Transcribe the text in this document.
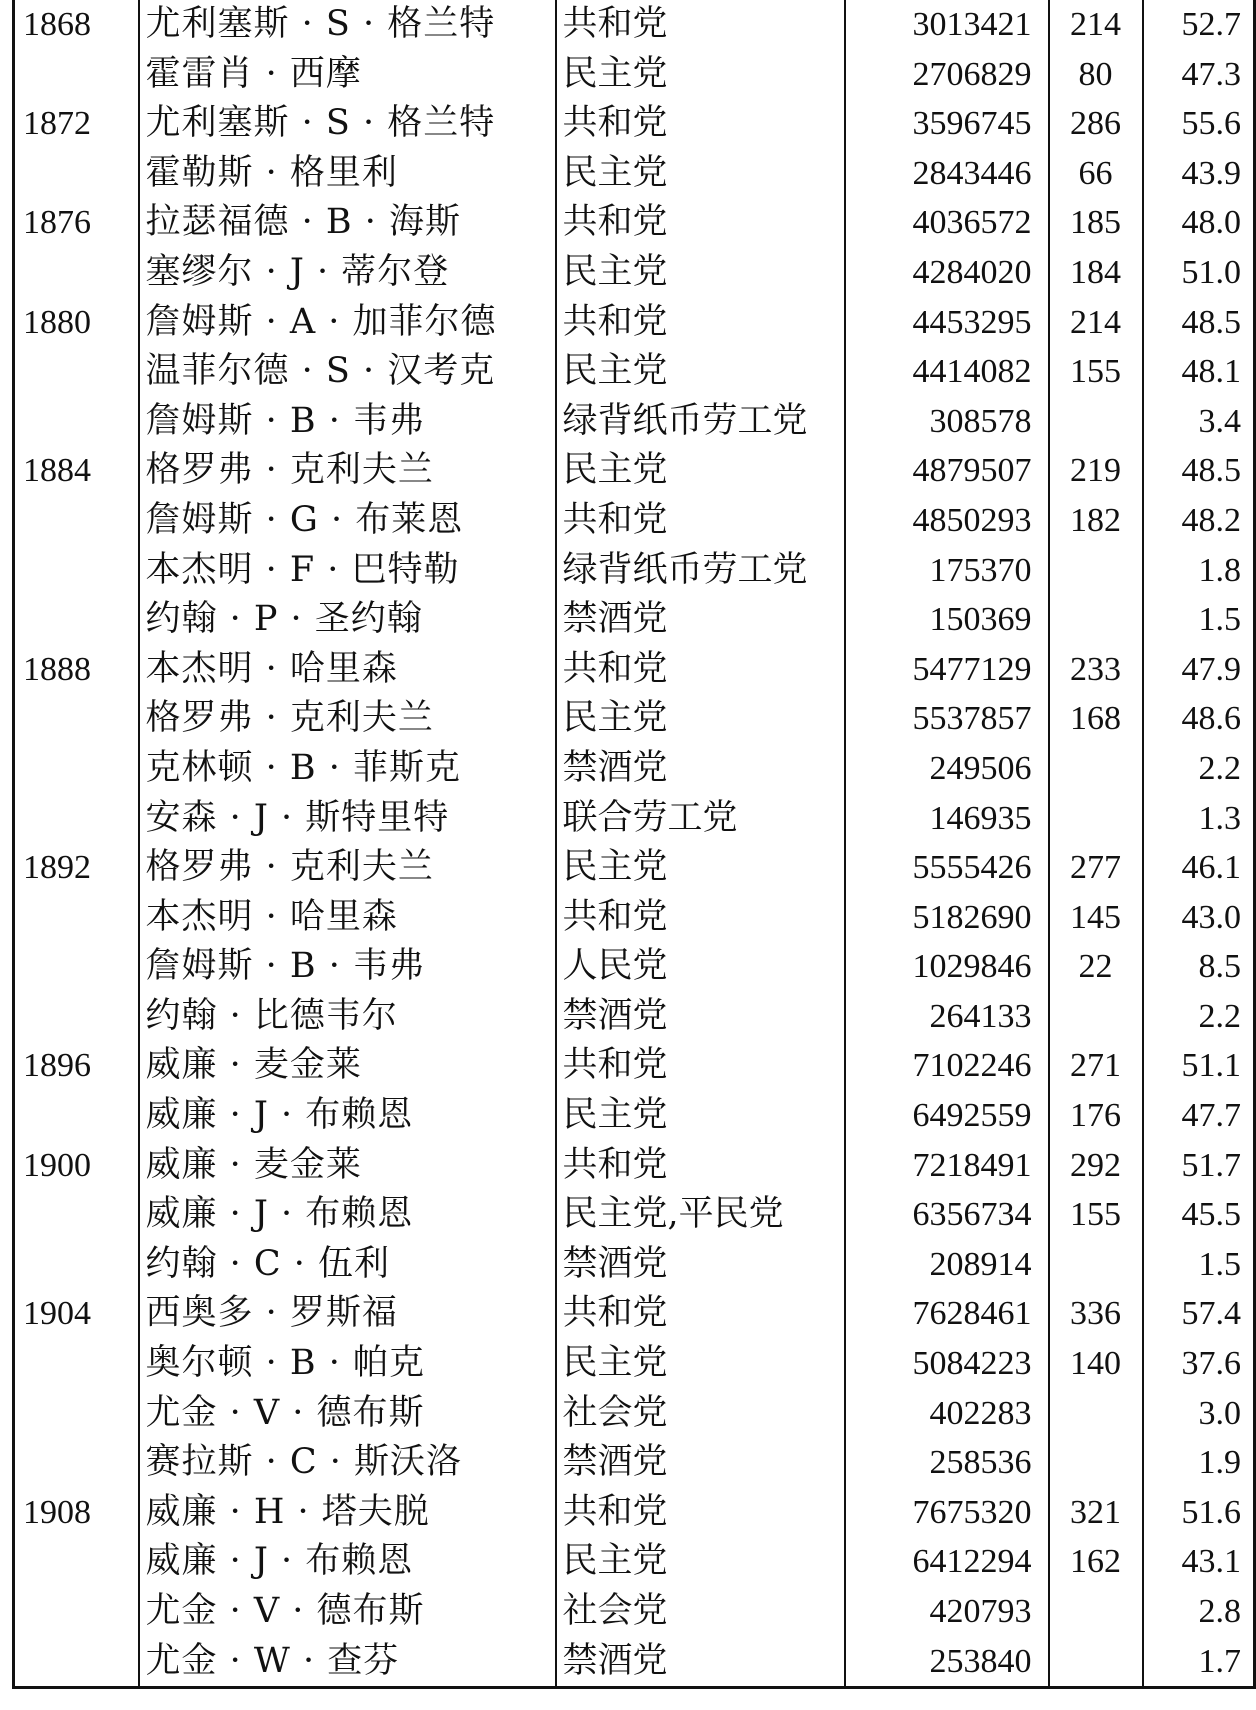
1868	尤利塞斯 · S · 格兰特	共和党	3013421	214	52.7
	霍雷肖 · 西摩	民主党	2706829	80	47.3
1872	尤利塞斯 · S · 格兰特	共和党	3596745	286	55.6
	霍勒斯 · 格里利	民主党	2843446	66	43.9
1876	拉瑟福德 · B · 海斯	共和党	4036572	185	48.0
	塞缪尔 · J · 蒂尔登	民主党	4284020	184	51.0
1880	詹姆斯 · A · 加菲尔德	共和党	4453295	214	48.5
	温菲尔德 · S · 汉考克	民主党	4414082	155	48.1
	詹姆斯 · B · 韦弗	绿背纸币劳工党	308578		3.4
1884	格罗弗 · 克利夫兰	民主党	4879507	219	48.5
	詹姆斯 · G · 布莱恩	共和党	4850293	182	48.2
	本杰明 · F · 巴特勒	绿背纸币劳工党	175370		1.8
	约翰 · P · 圣约翰	禁酒党	150369		1.5
1888	本杰明 · 哈里森	共和党	5477129	233	47.9
	格罗弗 · 克利夫兰	民主党	5537857	168	48.6
	克林顿 · B · 菲斯克	禁酒党	249506		2.2
	安森 · J · 斯特里特	联合劳工党	146935		1.3
1892	格罗弗 · 克利夫兰	民主党	5555426	277	46.1
	本杰明 · 哈里森	共和党	5182690	145	43.0
	詹姆斯 · B · 韦弗	人民党	1029846	22	8.5
	约翰 · 比德韦尔	禁酒党	264133		2.2
1896	威廉 · 麦金莱	共和党	7102246	271	51.1
	威廉 · J · 布赖恩	民主党	6492559	176	47.7
1900	威廉 · 麦金莱	共和党	7218491	292	51.7
	威廉 · J · 布赖恩	民主党,平民党	6356734	155	45.5
	约翰 · C · 伍利	禁酒党	208914		1.5
1904	西奥多 · 罗斯福	共和党	7628461	336	57.4
	奥尔顿 · B · 帕克	民主党	5084223	140	37.6
	尤金 · V · 德布斯	社会党	402283		3.0
	赛拉斯 · C · 斯沃洛	禁酒党	258536		1.9
1908	威廉 · H · 塔夫脱	共和党	7675320	321	51.6
	威廉 · J · 布赖恩	民主党	6412294	162	43.1
	尤金 · V · 德布斯	社会党	420793		2.8
	尤金 · W · 查芬	禁酒党	253840		1.7
